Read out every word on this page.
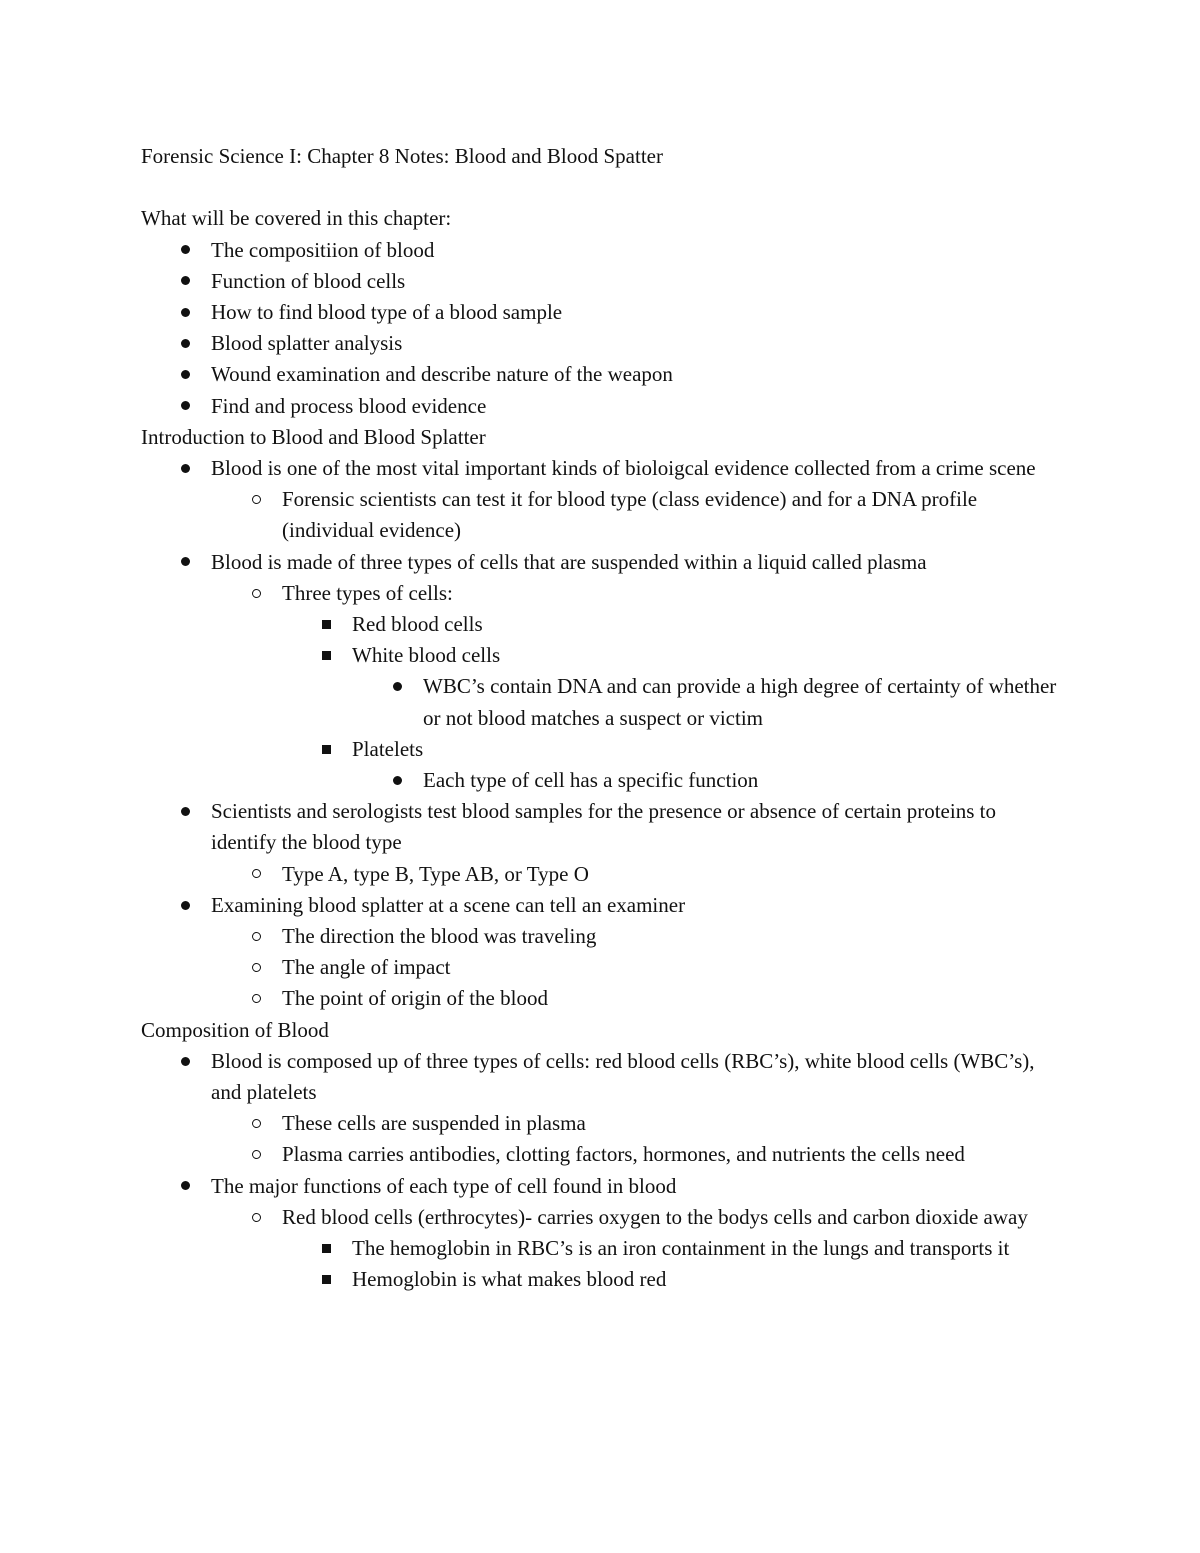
Forensic Science I: Chapter 8 Notes: Blood and Blood Spatter

What will be covered in this chapter:

The compositiion of blood
Function of blood cells
How to find blood type of a blood sample
Blood splatter analysis
Wound examination and describe nature of the weapon
Find and process blood evidence

Introduction to Blood and Blood Splatter

Blood is one of the most vital important kinds of bioloigcal evidence collected from a crime scene
Forensic scientists can test it for blood type (class evidence) and for a DNA profile (individual evidence)
Blood is made of three types of cells that are suspended within a liquid called plasma
Three types of cells:
Red blood cells
White blood cells
WBC’s contain DNA and can provide a high degree of certainty of whether or not blood matches a suspect or victim
Platelets
Each type of cell has a specific function
Scientists and serologists test blood samples for the presence or absence of certain proteins to identify the blood type
Type A, type B, Type AB, or Type O
Examining blood splatter at a scene can tell an examiner
The direction the blood was traveling
The angle of impact
The point of origin of the blood

Composition of Blood

Blood is composed up of three types of cells: red blood cells (RBC’s), white blood cells (WBC’s), and platelets
These cells are suspended in plasma
Plasma carries antibodies, clotting factors, hormones, and nutrients the cells need
The major functions of each type of cell found in blood
Red blood cells (erthrocytes)- carries oxygen to the bodys cells and carbon dioxide away
The hemoglobin in RBC’s is an iron containment in the lungs and transports it
Hemoglobin is what makes blood red
